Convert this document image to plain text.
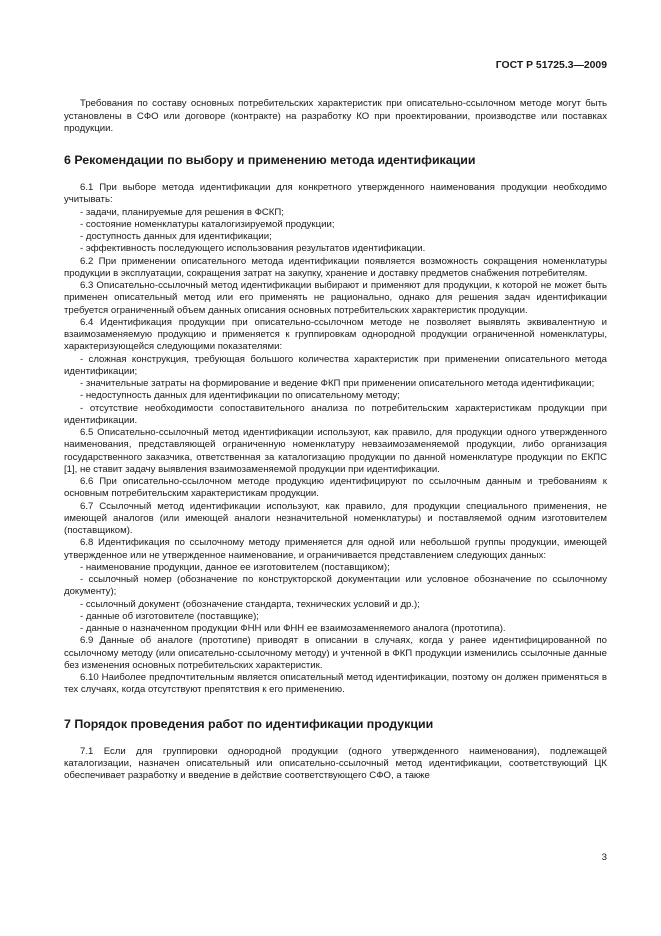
ГОСТ Р 51725.3—2009

Требования по составу основных потребительских характеристик при описательно-ссылочном методе могут быть установлены в СФО или договоре (контракте) на разработку КО при проектировании, производстве или поставках продукции.

6 Рекомендации по выбору и применению метода идентификации

6.1 При выборе метода идентификации для конкретного утвержденного наименования продукции необходимо учитывать:

- задачи, планируемые для решения в ФСКП;

- состояние номенклатуры каталогизируемой продукции;

- доступность данных для идентификации;

- эффективность последующего использования результатов идентификации.

6.2 При применении описательного метода идентификации появляется возможность сокращения номенклатуры продукции в эксплуатации, сокращения затрат на закупку, хранение и доставку предметов снабжения потребителям.

6.3 Описательно-ссылочный метод идентификации выбирают и применяют для продукции, к которой не может быть применен описательный метод или его применять не рационально, однако для решения задач идентификации требуется ограниченный объем данных описания основных потребительских характеристик продукции.

6.4 Идентификация продукции при описательно-ссылочном методе не позволяет выявлять эквивалентную и взаимозаменяемую продукцию и применяется к группировкам однородной продукции ограниченной номенклатуры, характеризующейся следующими показателями:

- сложная конструкция, требующая большого количества характеристик при применении описательного метода идентификации;

- значительные затраты на формирование и ведение ФКП при применении описательного метода идентификации;

- недоступность данных для идентификации по описательному методу;

- отсутствие необходимости сопоставительного анализа по потребительским характеристикам продукции при идентификации.

6.5 Описательно-ссылочный метод идентификации используют, как правило, для продукции одного утвержденного наименования, представляющей ограниченную номенклатуру невзаимозаменяемой продукции, либо организация государственного заказчика, ответственная за каталогизацию продукции по данной номенклатуре продукции по ЕКПС [1], не ставит задачу выявления взаимозаменяемой продукции при идентификации.

6.6 При описательно-ссылочном методе продукцию идентифицируют по ссылочным данным и требованиям к основным потребительским характеристикам продукции.

6.7 Ссылочный метод идентификации используют, как правило, для продукции специального применения, не имеющей аналогов (или имеющей аналоги незначительной номенклатуры) и поставляемой одним изготовителем (поставщиком).

6.8 Идентификация по ссылочному методу применяется для одной или небольшой группы продукции, имеющей утвержденное или не утвержденное наименование, и ограничивается представлением следующих данных:

- наименование продукции, данное ее изготовителем (поставщиком);

- ссылочный номер (обозначение по конструкторской документации или условное обозначение по ссылочному документу);

- ссылочный документ (обозначение стандарта, технических условий и др.);

- данные об изготовителе (поставщике);

- данные о назначенном продукции ФНН или ФНН ее взаимозаменяемого аналога (прототипа).

6.9 Данные об аналоге (прототипе) приводят в описании в случаях, когда у ранее идентифицированной по ссылочному методу (или описательно-ссылочному методу) и учтенной в ФКП продукции изменились ссылочные данные без изменения основных потребительских характеристик.

6.10 Наиболее предпочтительным является описательный метод идентификации, поэтому он должен применяться в тех случаях, когда отсутствуют препятствия к его применению.

7 Порядок проведения работ по идентификации продукции

7.1 Если для группировки однородной продукции (одного утвержденного наименования), подлежащей каталогизации, назначен описательный или описательно-ссылочный метод идентификации, соответствующий ЦК обеспечивает разработку и введение в действие соответствующего СФО, а также

3
